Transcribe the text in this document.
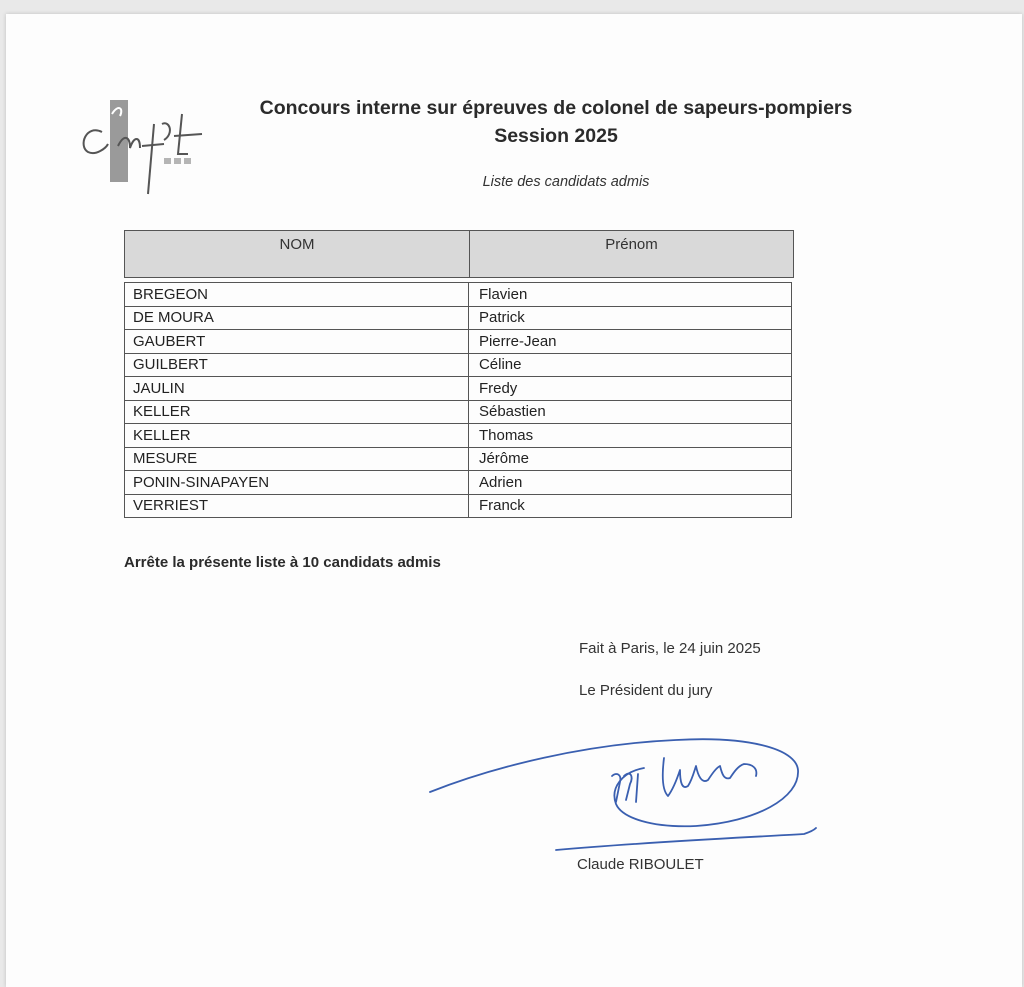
Concours interne sur épreuves de colonel de sapeurs-pompiers
Session 2025
Liste des candidats admis
NOM	Prénom
BREGEON	Flavien
DE MOURA	Patrick
GAUBERT	Pierre-Jean
GUILBERT	Céline
JAULIN	Fredy
KELLER	Sébastien
KELLER	Thomas
MESURE	Jérôme
PONIN-SINAPAYEN	Adrien
VERRIEST	Franck
Arrête la présente liste à 10 candidats admis
Fait à Paris, le 24 juin 2025
Le Président du jury
Claude RIBOULET
